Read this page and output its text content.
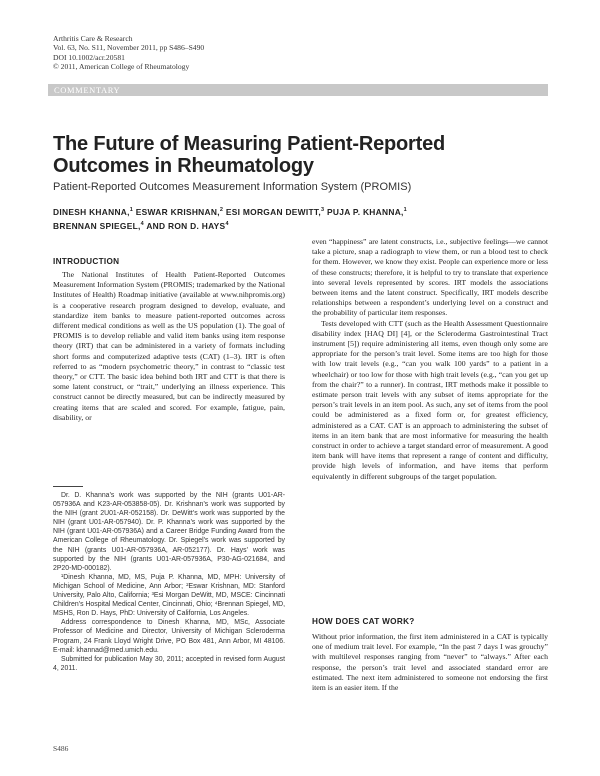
Arthritis Care & Research
Vol. 63, No. S11, November 2011, pp S486–S490
DOI 10.1002/acr.20581
© 2011, American College of Rheumatology
COMMENTARY
The Future of Measuring Patient-Reported Outcomes in Rheumatology
Patient-Reported Outcomes Measurement Information System (PROMIS)
DINESH KHANNA,$^1$ ESWAR KRISHNAN,$^2$ ESI MORGAN DEWITT,$^3$ PUJA P. KHANNA,$^1$
BRENNAN SPIEGEL,$^4$ AND RON D. HAYS$^4$
INTRODUCTION

The National Institutes of Health Patient-Reported Outcomes Measurement Information System (PROMIS; trademarked by the National Institutes of Health) Roadmap initiative (available at www.nihpromis.org) is a cooperative research program designed to develop, evaluate, and standardize item banks to measure patient-reported outcomes across different medical conditions as well as the US population (1). The goal of PROMIS is to develop reliable and valid item banks using item response theory (IRT) that can be administered in a variety of formats including short forms and computerized adaptive tests (CAT) (1–3). IRT is often referred to as “modern psychometric theory,” in contrast to “classic test theory,” or CTT. The basic idea behind both IRT and CTT is that there is some latent construct, or “trait,” underlying an illness experience. This construct cannot be directly measured, but can be indirectly measured by creating items that are scaled and scored. For example, fatigue, pain, disability, or

Dr. D. Khanna’s work was supported by the NIH (grants U01-AR-057936A and K23-AR-053858-05). Dr. Krishnan’s work was supported by the NIH (grant 2U01-AR-052158). Dr. DeWitt’s work was supported by the NIH (grant U01-AR-057940). Dr. P. Khanna’s work was supported by the NIH (grant U01-AR-057936A) and a Career Bridge Funding Award from the American College of Rheumatology. Dr. Spiegel’s work was supported by the NIH (grants U01-AR-057936A, AR-052177). Dr. Hays’ work was supported by the NIH (grants U01-AR-057936A, P30-AG-021684, and 2P20-MD-000182).

¹Dinesh Khanna, MD, MS, Puja P. Khanna, MD, MPH: University of Michigan School of Medicine, Ann Arbor; ²Eswar Krishnan, MD: Stanford University, Palo Alto, California; ³Esi Morgan DeWitt, MD, MSCE: Cincinnati Children’s Hospital Medical Center, Cincinnati, Ohio; ⁴Brennan Spiegel, MD, MSHS, Ron D. Hays, PhD: University of California, Los Angeles.

Address correspondence to Dinesh Khanna, MD, MSc, Associate Professor of Medicine and Director, University of Michigan Scleroderma Program, 24 Frank Lloyd Wright Drive, PO Box 481, Ann Arbor, MI 48106. E-mail: khannad@med.umich.edu.

Submitted for publication May 30, 2011; accepted in revised form August 4, 2011.

even “happiness” are latent constructs, i.e., subjective feelings—we cannot take a picture, snap a radiograph to view them, or run a blood test to check for them. However, we know they exist. People can experience more or less of these constructs; therefore, it is helpful to try to translate that experience into several levels represented by scores. IRT models the associations between items and the latent construct. Specifically, IRT models describe relationships between a respondent’s underlying level on a construct and the probability of particular item responses.

Tests developed with CTT (such as the Health Assessment Questionnaire disability index [HAQ DI] [4], or the Scleroderma Gastrointestinal Tract instrument [5]) require administering all items, even though only some are appropriate for the person’s trait level. Some items are too high for those with low trait levels (e.g., “can you walk 100 yards” to a patient in a wheelchair) or too low for those with high trait levels (e.g., “can you get up from the chair?” to a runner). In contrast, IRT methods make it possible to estimate person trait levels with any subset of items appropriate for the person’s trait levels in an item pool. As such, any set of items from the pool could be administered as a fixed form or, for greatest efficiency, administered as a CAT. CAT is an approach to administering the subset of items in an item bank that are most informative for measuring the health construct in order to achieve a target standard error of measurement. A good item bank will have items that represent a range of content and difficulty, provide high levels of information, and have items that perform equivalently in different subgroups of the target population.

HOW DOES CAT WORK?

Without prior information, the first item administered in a CAT is typically one of medium trait level. For example, “In the past 7 days I was grouchy” with multilevel responses ranging from “never” to “always.” After each response, the person’s trait level and associated standard error are estimated. The next item administered to someone not endorsing the first item is an easier item. If the

S486
